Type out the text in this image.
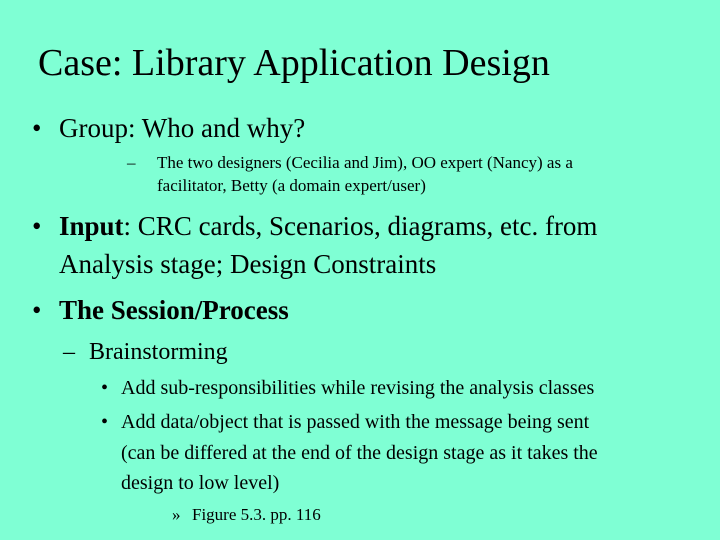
Case: Library Application Design
• Group: Who and why?
– The two designers (Cecilia and Jim), OO expert (Nancy) as a
facilitator, Betty (a domain expert/user)
• Input: CRC cards, Scenarios, diagrams, etc. from
Analysis stage; Design Constraints
• The Session/Process
– Brainstorming
• Add sub-responsibilities while revising the analysis classes
• Add data/object that is passed with the message being sent
(can be differed at the end of the design stage as it takes the
design to low level)
» Figure 5.3. pp. 116
